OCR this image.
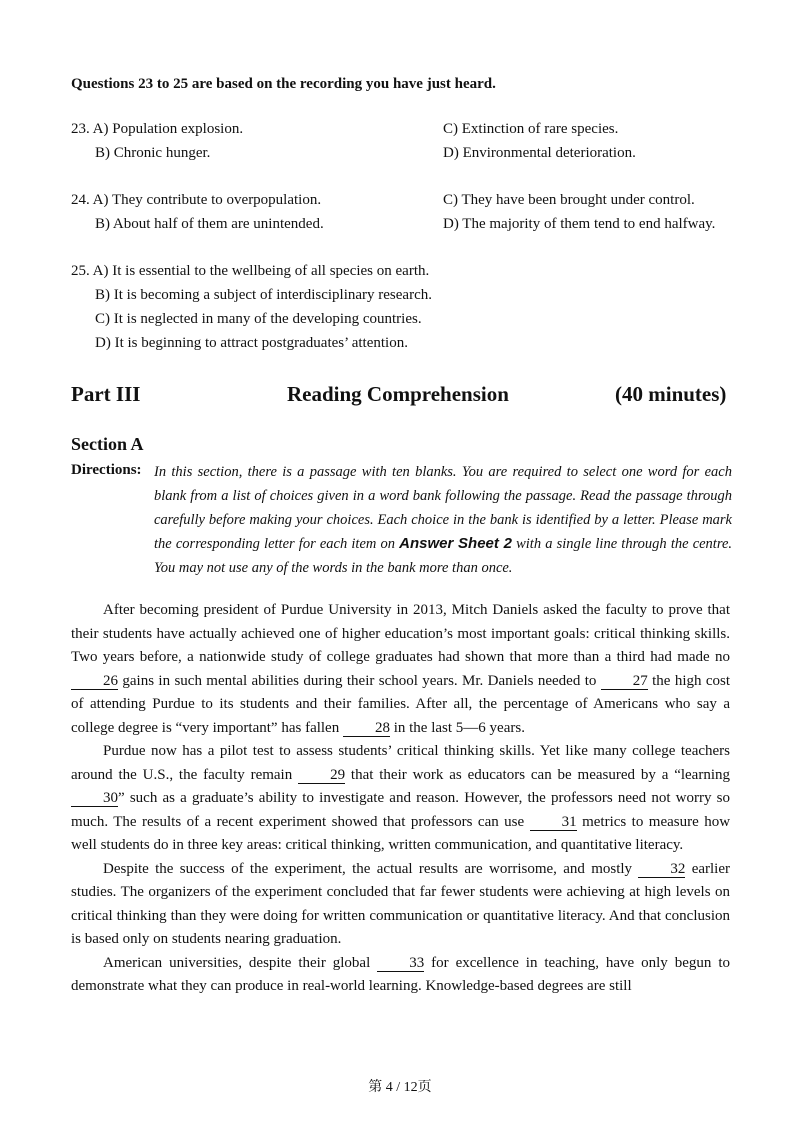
Questions 23 to 25 are based on the recording you have just heard.
23. A) Population explosion.
B) Chronic hunger.
C) Extinction of rare species.
D) Environmental deterioration.
24. A) They contribute to overpopulation.
B) About half of them are unintended.
C) They have been brought under control.
D) The majority of them tend to end halfway.
25. A) It is essential to the wellbeing of all species on earth.
B) It is becoming a subject of interdisciplinary research.
C) It is neglected in many of the developing countries.
D) It is beginning to attract postgraduates’ attention.
Part III	Reading Comprehension	(40 minutes)
Section A
Directions: In this section, there is a passage with ten blanks. You are required to select one word for each blank from a list of choices given in a word bank following the passage. Read the passage through carefully before making your choices. Each choice in the bank is identified by a letter. Please mark the corresponding letter for each item on Answer Sheet 2 with a single line through the centre. You may not use any of the words in the bank more than once.

After becoming president of Purdue University in 2013, Mitch Daniels asked the faculty to prove that their students have actually achieved one of higher education’s most important goals: critical thinking skills. Two years before, a nationwide study of college graduates had shown that more than a third had made no 26 gains in such mental abilities during their school years. Mr. Daniels needed to 27 the high cost of attending Purdue to its students and their families. After all, the percentage of Americans who say a college degree is “very important” has fallen 28 in the last 5—6 years.

Purdue now has a pilot test to assess students’ critical thinking skills. Yet like many college teachers around the U.S., the faculty remain	29 that their work as educators can be measured by a “learning 30” such as a graduate’s ability to investigate and reason. However, the professors need not worry so much. The results of a recent experiment showed that professors can use 31 metrics to measure how well students do in three key areas: critical thinking, written communication, and quantitative literacy.

Despite the success of the experiment, the actual results are worrisome, and mostly	32 earlier studies. The organizers of the experiment concluded that far fewer students were achieving at high levels on critical thinking than they were doing for written communication or quantitative literacy. And that conclusion is based only on students nearing graduation.

American universities, despite their global	33 for excellence in teaching, have only begun to demonstrate what they can produce in real-world learning. Knowledge-based degrees are still

第 4 / 12页
